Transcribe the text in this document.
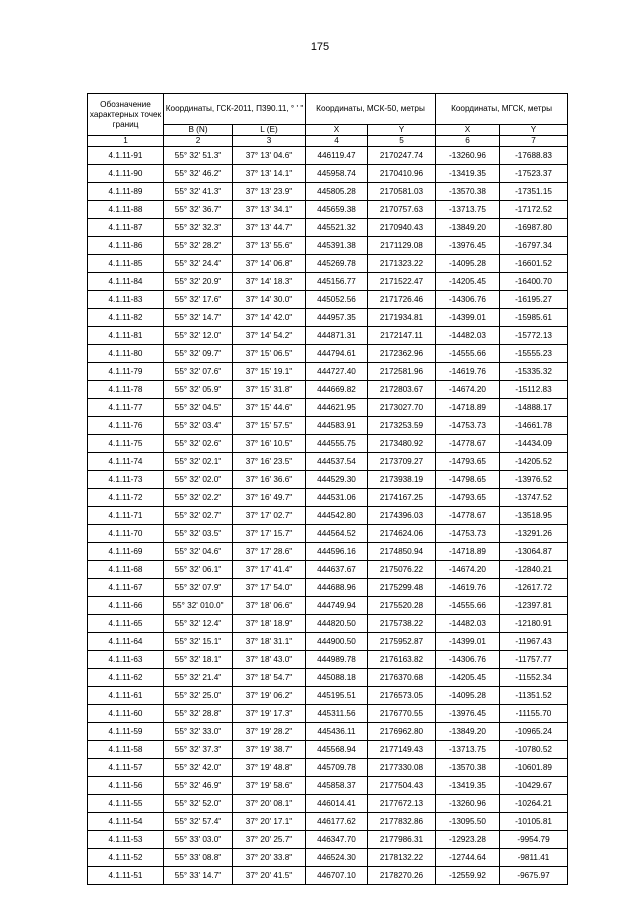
175
Обозначение характерных точек границ	Координаты, ГСК-2011, П390.11, ° ' "		Координаты, МСК-50, метры		Координаты, МГСК, метры	
	B (N)	L (E)	X	Y	X	Y
1	2	3	4	5	6	7
4.1.11-91	55° 32' 51.3"	37° 13' 04.6"	446119.47	2170247.74	-13260.96	-17688.83
4.1.11-90	55° 32' 46.2"	37° 13' 14.1"	445958.74	2170410.96	-13419.35	-17523.37
4.1.11-89	55° 32' 41.3"	37° 13' 23.9"	445805.28	2170581.03	-13570.38	-17351.15
4.1.11-88	55° 32' 36.7"	37° 13' 34.1"	445659.38	2170757.63	-13713.75	-17172.52
4.1.11-87	55° 32' 32.3"	37° 13' 44.7"	445521.32	2170940.43	-13849.20	-16987.80
4.1.11-86	55° 32' 28.2"	37° 13' 55.6"	445391.38	2171129.08	-13976.45	-16797.34
4.1.11-85	55° 32' 24.4"	37° 14' 06.8"	445269.78	2171323.22	-14095.28	-16601.52
4.1.11-84	55° 32' 20.9"	37° 14' 18.3"	445156.77	2171522.47	-14205.45	-16400.70
4.1.11-83	55° 32' 17.6"	37° 14' 30.0"	445052.56	2171726.46	-14306.76	-16195.27
4.1.11-82	55° 32' 14.7"	37° 14' 42.0"	444957.35	2171934.81	-14399.01	-15985.61
4.1.11-81	55° 32' 12.0"	37° 14' 54.2"	444871.31	2172147.11	-14482.03	-15772.13
4.1.11-80	55° 32' 09.7"	37° 15' 06.5"	444794.61	2172362.96	-14555.66	-15555.23
4.1.11-79	55° 32' 07.6"	37° 15' 19.1"	444727.40	2172581.96	-14619.76	-15335.32
4.1.11-78	55° 32' 05.9"	37° 15' 31.8"	444669.82	2172803.67	-14674.20	-15112.83
4.1.11-77	55° 32' 04.5"	37° 15' 44.6"	444621.95	2173027.70	-14718.89	-14888.17
4.1.11-76	55° 32' 03.4"	37° 15' 57.5"	444583.91	2173253.59	-14753.73	-14661.78
4.1.11-75	55° 32' 02.6"	37° 16' 10.5"	444555.75	2173480.92	-14778.67	-14434.09
4.1.11-74	55° 32' 02.1"	37° 16' 23.5"	444537.54	2173709.27	-14793.65	-14205.52
4.1.11-73	55° 32' 02.0"	37° 16' 36.6"	444529.30	2173938.19	-14798.65	-13976.52
4.1.11-72	55° 32' 02.2"	37° 16' 49.7"	444531.06	2174167.25	-14793.65	-13747.52
4.1.11-71	55° 32' 02.7"	37° 17' 02.7"	444542.80	2174396.03	-14778.67	-13518.95
4.1.11-70	55° 32' 03.5"	37° 17' 15.7"	444564.52	2174624.06	-14753.73	-13291.26
4.1.11-69	55° 32' 04.6"	37° 17' 28.6"	444596.16	2174850.94	-14718.89	-13064.87
4.1.11-68	55° 32' 06.1"	37° 17' 41.4"	444637.67	2175076.22	-14674.20	-12840.21
4.1.11-67	55° 32' 07.9"	37° 17' 54.0"	444688.96	2175299.48	-14619.76	-12617.72
4.1.11-66	55° 32' 010.0"	37° 18' 06.6"	444749.94	2175520.28	-14555.66	-12397.81
4.1.11-65	55° 32' 12.4"	37° 18' 18.9"	444820.50	2175738.22	-14482.03	-12180.91
4.1.11-64	55° 32' 15.1"	37° 18' 31.1"	444900.50	2175952.87	-14399.01	-11967.43
4.1.11-63	55° 32' 18.1"	37° 18' 43.0"	444989.78	2176163.82	-14306.76	-11757.77
4.1.11-62	55° 32' 21.4"	37° 18' 54.7"	445088.18	2176370.68	-14205.45	-11552.34
4.1.11-61	55° 32' 25.0"	37° 19' 06.2"	445195.51	2176573.05	-14095.28	-11351.52
4.1.11-60	55° 32' 28.8"	37° 19' 17.3"	445311.56	2176770.55	-13976.45	-11155.70
4.1.11-59	55° 32' 33.0"	37° 19' 28.2"	445436.11	2176962.80	-13849.20	-10965.24
4.1.11-58	55° 32' 37.3"	37° 19' 38.7"	445568.94	2177149.43	-13713.75	-10780.52
4.1.11-57	55° 32' 42.0"	37° 19' 48.8"	445709.78	2177330.08	-13570.38	-10601.89
4.1.11-56	55° 32' 46.9"	37° 19' 58.6"	445858.37	2177504.43	-13419.35	-10429.67
4.1.11-55	55° 32' 52.0"	37° 20' 08.1"	446014.41	2177672.13	-13260.96	-10264.21
4.1.11-54	55° 32' 57.4"	37° 20' 17.1"	446177.62	2177832.86	-13095.50	-10105.81
4.1.11-53	55° 33' 03.0"	37° 20' 25.7"	446347.70	2177986.31	-12923.28	-9954.79
4.1.11-52	55° 33' 08.8"	37° 20' 33.8"	446524.30	2178132.22	-12744.64	-9811.41
4.1.11-51	55° 33' 14.7"	37° 20' 41.5"	446707.10	2178270.26	-12559.92	-9675.97
